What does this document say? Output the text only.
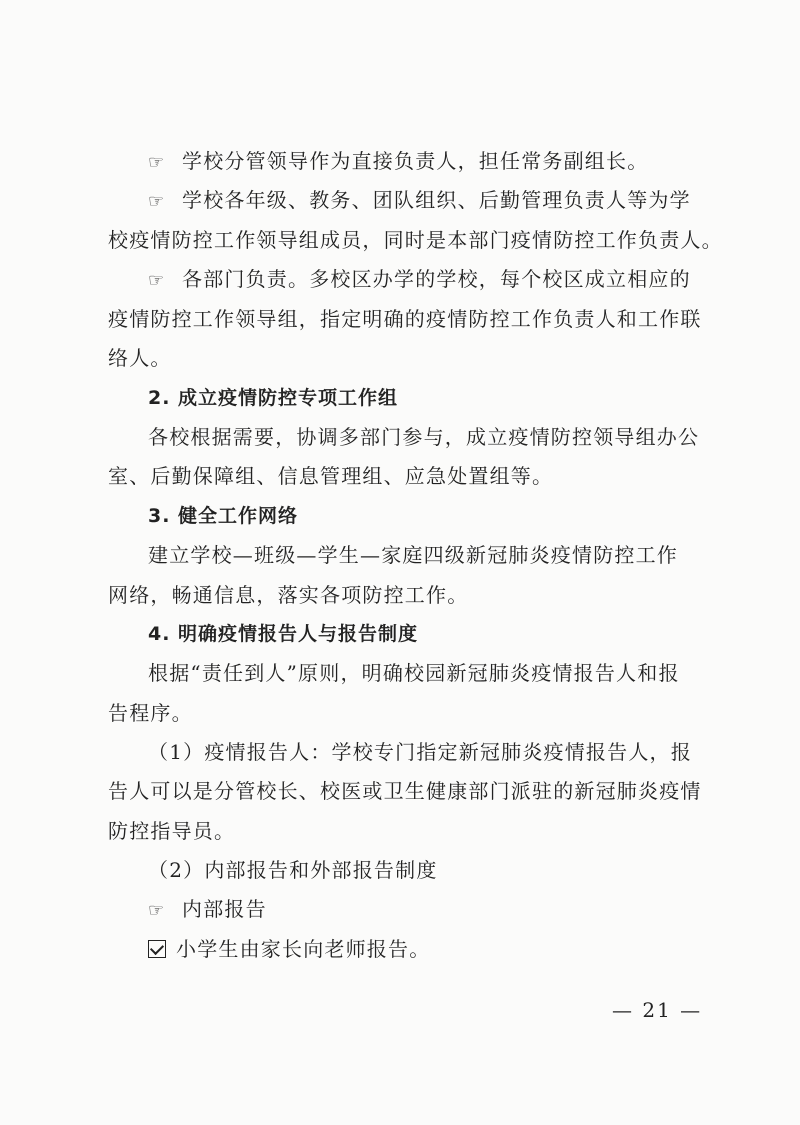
☞ 学校分管领导作为直接负责人，担任常务副组长。
☞ 学校各年级、教务、团队组织、后勤管理负责人等为学
校疫情防控工作领导组成员，同时是本部门疫情防控工作负责人。
☞ 各部门负责。多校区办学的学校，每个校区成立相应的
疫情防控工作领导组，指定明确的疫情防控工作负责人和工作联
络人。
2. 成立疫情防控专项工作组
各校根据需要，协调多部门参与，成立疫情防控领导组办公
室、后勤保障组、信息管理组、应急处置组等。
3. 健全工作网络
建立学校—班级—学生—家庭四级新冠肺炎疫情防控工作
网络，畅通信息，落实各项防控工作。
4. 明确疫情报告人与报告制度
根据“责任到人”原则，明确校园新冠肺炎疫情报告人和报
告程序。
（1）疫情报告人：学校专门指定新冠肺炎疫情报告人，报
告人可以是分管校长、校医或卫生健康部门派驻的新冠肺炎疫情
防控指导员。
（2）内部报告和外部报告制度
☞ 内部报告
小学生由家长向老师报告。
— 21 —
